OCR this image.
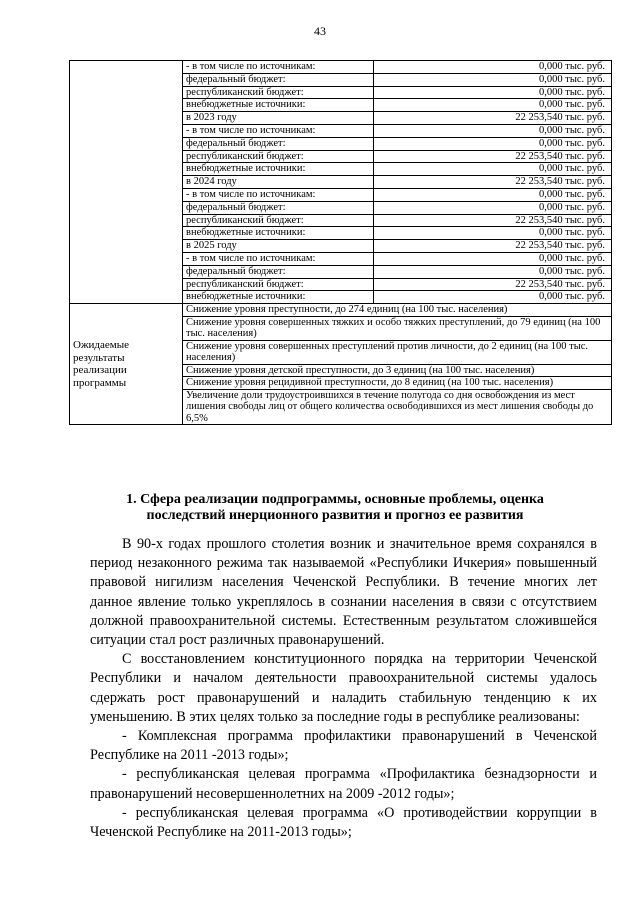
43
	- в том числе по источникам:	0,000 тыс. руб.
	федеральный бюджет:	0,000 тыс. руб.
	республиканский бюджет:	0,000 тыс. руб.
	внебюджетные источники:	0,000 тыс. руб.
	в 2023 году	22 253,540 тыс. руб.
	- в том числе по источникам:	0,000 тыс. руб.
	федеральный бюджет:	0,000 тыс. руб.
	республиканский бюджет:	22 253,540 тыс. руб.
	внебюджетные источники:	0,000 тыс. руб.
	в 2024 году	22 253,540 тыс. руб.
	- в том числе по источникам:	0,000 тыс. руб.
	федеральный бюджет:	0,000 тыс. руб.
	республиканский бюджет:	22 253,540 тыс. руб.
	внебюджетные источники:	0,000 тыс. руб.
	в 2025 году	22 253,540 тыс. руб.
	- в том числе по источникам:	0,000 тыс. руб.
	федеральный бюджет:	0,000 тыс. руб.
	республиканский бюджет:	22 253,540 тыс. руб.
	внебюджетные источники:	0,000 тыс. руб.
Ожидаемые результаты реализации программы	Снижение уровня преступности, до 274 единиц (на 100 тыс. населения)	
	Снижение уровня совершенных тяжких и особо тяжких преступлений, до 79 единиц (на 100 тыс. населения)	
	Снижение уровня совершенных преступлений против личности, до 2 единиц (на 100 тыс. населения)	
	Снижение уровня детской преступности, до 3 единиц (на 100 тыс. населения)	
	Снижение уровня рецидивной преступности, до 8 единиц (на 100 тыс. населения)	
	Увеличение доли трудоустроившихся в течение полугода со дня освобождения из мест лишения свободы лиц от общего количества освободившихся из мест лишения свободы до 6,5%	
1. Сфера реализации подпрограммы, основные проблемы, оценка последствий инерционного развития и прогноз ее развития

В 90-х годах прошлого столетия возник и значительное время сохранялся в период незаконного режима так называемой «Республики Ичкерия» повышенный правовой нигилизм населения Чеченской Республики. В течение многих лет данное явление только укреплялось в сознании населения в связи с отсутствием должной правоохранительной системы. Естественным результатом сложившейся ситуации стал рост различных правонарушений.

С восстановлением конституционного порядка на территории Чеченской Республики и началом деятельности правоохранительной системы удалось сдержать рост правонарушений и наладить стабильную тенденцию к их уменьшению. В этих целях только за последние годы в республике реализованы:

- Комплексная программа профилактики правонарушений в Чеченской Республике на 2011 -2013 годы»;

- республиканская целевая программа «Профилактика безнадзорности и правонарушений несовершеннолетних на 2009 -2012 годы»;

- республиканская целевая программа «О противодействии коррупции в Чеченской Республике на 2011-2013 годы»;
